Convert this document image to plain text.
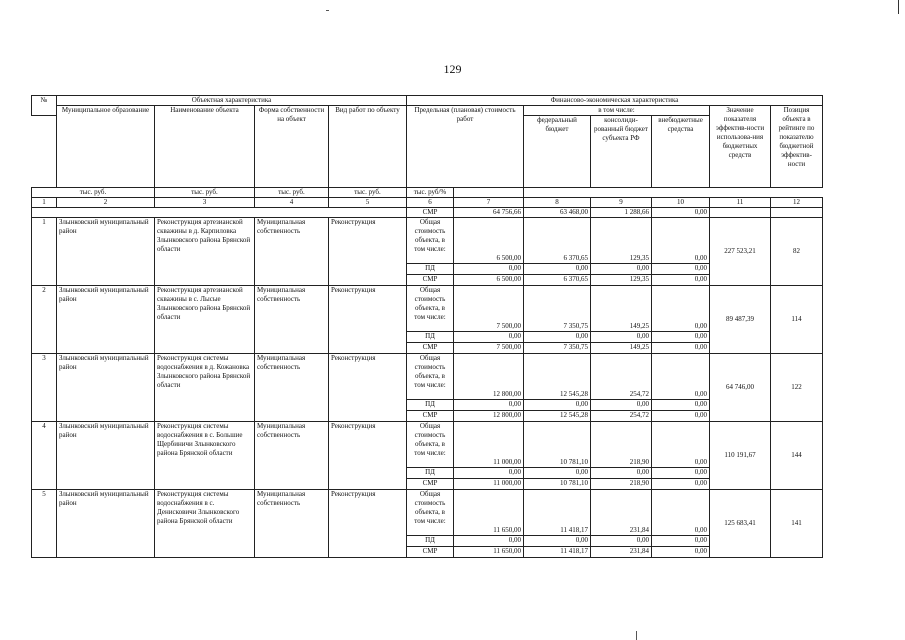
129
№	Объектная характеристика				Финансово-экономическая характеристика						
	Муниципальное образование	Наименование объекта	Форма собственности на объект	Вид работ по объекту	Предельная (плановая) стоимость работ		в том числе:			Значение показателя эффектив-ности использова-ния бюджетных средств	Позиция объекта в рейтинге по показателю бюджетной эффектив-ности
							федеральный бюджет	консолиди-рованный бюджет субъекта РФ	внебюджетные средства		
тыс. руб.		тыс. руб.	тыс. руб.	тыс. руб.	тыс. руб/%						
1	2	3	4	5	6	7	8	9	10	11	12
					СМР	64 756,66	63 468,00	1 288,66	0,00		
1	Злынковский муниципальный район	Реконструкция артезианской скважины в д. Карпиловка Злынковского района Брянской области	Муниципальная собственность	Реконструкция	Общая стоимость объекта, в том числе:	6 500,00	6 370,65	129,35	0,00	227 523,21	82
					ПД	0,00	0,00	0,00	0,00		
					СМР	6 500,00	6 370,65	129,35	0,00		
2	Злынковский муниципальный район	Реконструкция артезианской скважины в с. Лысые Злынковского района Брянской области	Муниципальная собственность	Реконструкция	Общая стоимость объекта, в том числе:	7 500,00	7 350,75	149,25	0,00	89 487,39	114
					ПД	0,00	0,00	0,00	0,00		
					СМР	7 500,00	7 350,75	149,25	0,00		
3	Злынковский муниципальный район	Реконструкция системы водоснабжения в д. Кожановка Злынковского района Брянской области	Муниципальная собственность	Реконструкция	Общая стоимость объекта, в том числе:	12 800,00	12 545,28	254,72	0,00	64 746,00	122
					ПД	0,00	0,00	0,00	0,00		
					СМР	12 800,00	12 545,28	254,72	0,00		
4	Злынковский муниципальный район	Реконструкция системы водоснабжения в с. Большие Щербиничи Злынковского района Брянской области	Муниципальная собственность	Реконструкция	Общая стоимость объекта, в том числе:	11 000,00	10 781,10	218,90	0,00	110 191,67	144
					ПД	0,00	0,00	0,00	0,00		
					СМР	11 000,00	10 781,10	218,90	0,00		
5	Злынковский муниципальный район	Реконструкция системы водоснабжения в с. Денисковичи Злынковского района Брянской области	Муниципальная собственность	Реконструкция	Общая стоимость объекта, в том числе:	11 650,00	11 418,17	231,84	0,00	125 683,41	141
					ПД	0,00	0,00	0,00	0,00		
					СМР	11 650,00	11 418,17	231,84	0,00		
